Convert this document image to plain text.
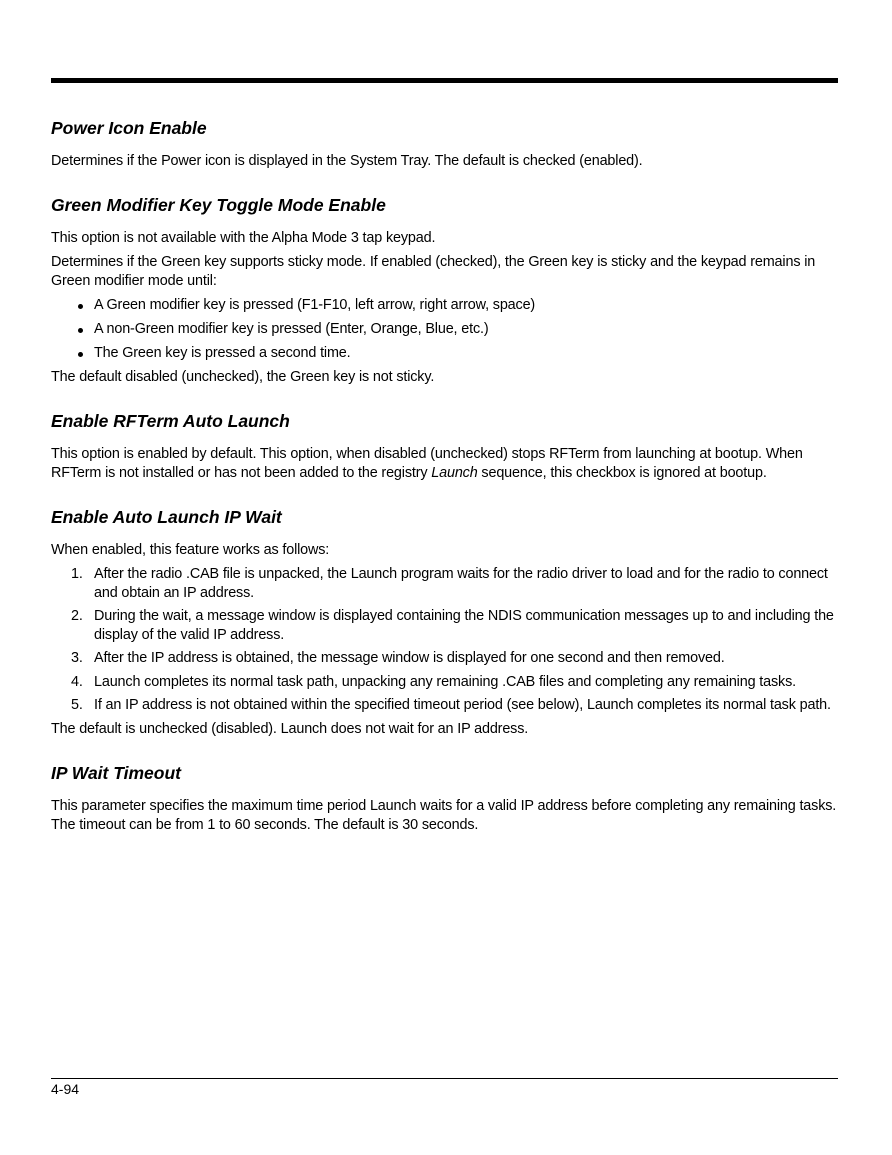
Power Icon Enable

Determines if the Power icon is displayed in the System Tray. The default is checked (enabled).

Green Modifier Key Toggle Mode Enable

This option is not available with the Alpha Mode 3 tap keypad.

Determines if the Green key supports sticky mode. If enabled (checked), the Green key is sticky and the keypad remains in Green modifier mode until:

A Green modifier key is pressed (F1-F10, left arrow, right arrow, space)
A non-Green modifier key is pressed (Enter, Orange, Blue, etc.)
The Green key is pressed a second time.

The default disabled (unchecked), the Green key is not sticky.

Enable RFTerm Auto Launch

This option is enabled by default. This option, when disabled (unchecked) stops RFTerm from launching at bootup. When RFTerm is not installed or has not been added to the registry Launch sequence, this checkbox is ignored at bootup.

Enable Auto Launch IP Wait

When enabled, this feature works as follows:

1. After the radio .CAB file is unpacked, the Launch program waits for the radio driver to load and for the radio to connect and obtain an IP address.
2. During the wait, a message window is displayed containing the NDIS communication messages up to and including the display of the valid IP address.
3. After the IP address is obtained, the message window is displayed for one second and then removed.
4. Launch completes its normal task path, unpacking any remaining .CAB files and completing any remaining tasks.
5. If an IP address is not obtained within the specified timeout period (see below), Launch completes its normal task path.

The default is unchecked (disabled). Launch does not wait for an IP address.

IP Wait Timeout

This parameter specifies the maximum time period Launch waits for a valid IP address before completing any remaining tasks. The timeout can be from 1 to 60 seconds. The default is 30 seconds.

4-94
